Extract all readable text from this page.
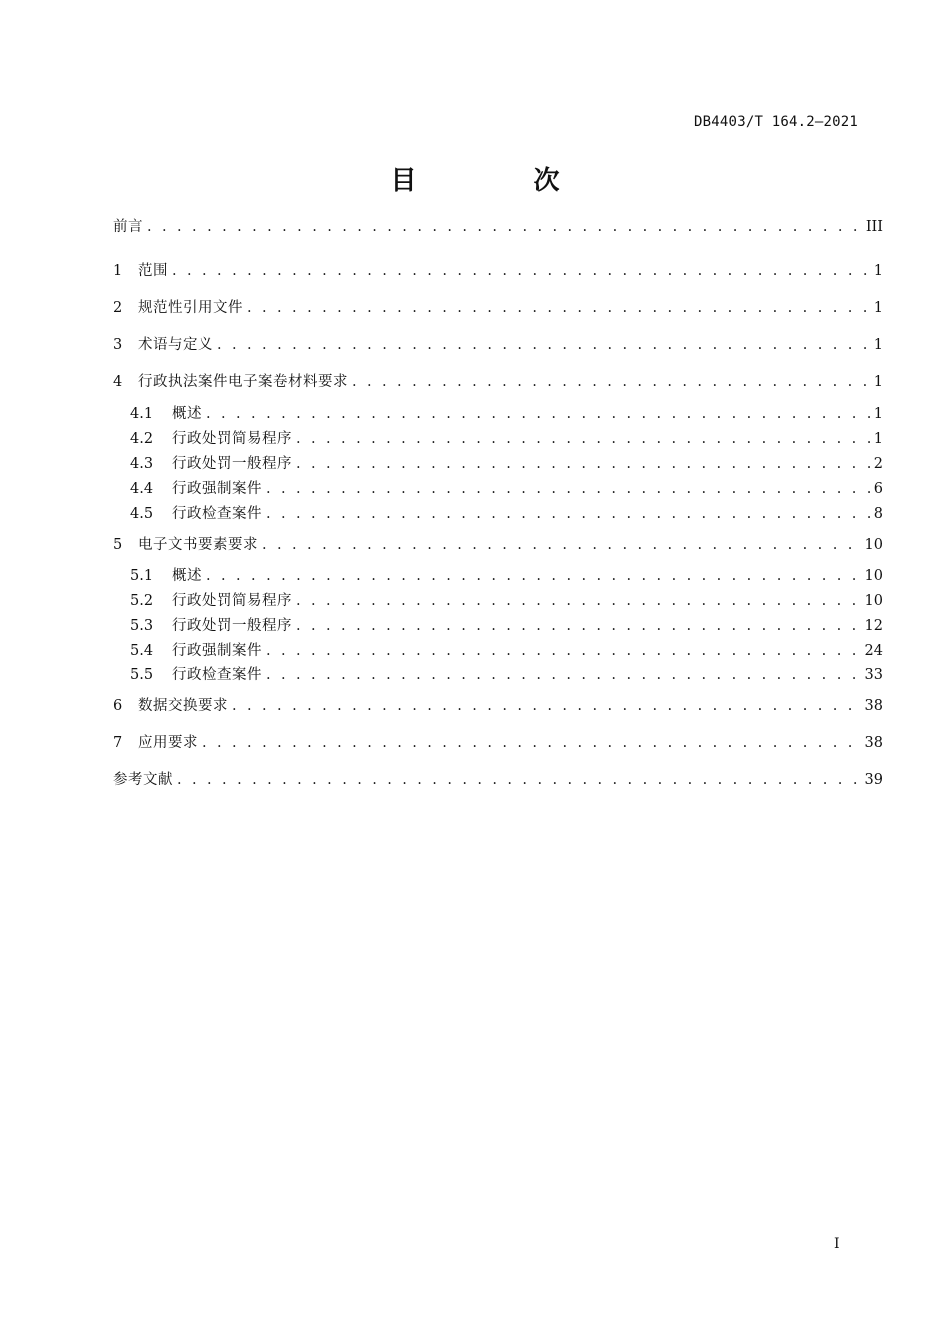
DB4403/T 164.2—2021
目 次
前言 . . .	III
1	范围 . . .	1
2	规范性引用文件 . . .	1
3	术语与定义 . . .	1
4	行政执法案件电子案卷材料要求 . . .	1
4.1	概述 . . .	1
4.2	行政处罚简易程序 . . .	1
4.3	行政处罚一般程序 . . .	2
4.4	行政强制案件 . . .	6
4.5	行政检查案件 . . .	8
5	电子文书要素要求 . . .	10
5.1	概述 . . .	10
5.2	行政处罚简易程序 . . .	10
5.3	行政处罚一般程序 . . .	12
5.4	行政强制案件 . . .	24
5.5	行政检查案件 . . .	33
6	数据交换要求 . . .	38
7	应用要求 . . .	38
参考文献 . . .	39
I
